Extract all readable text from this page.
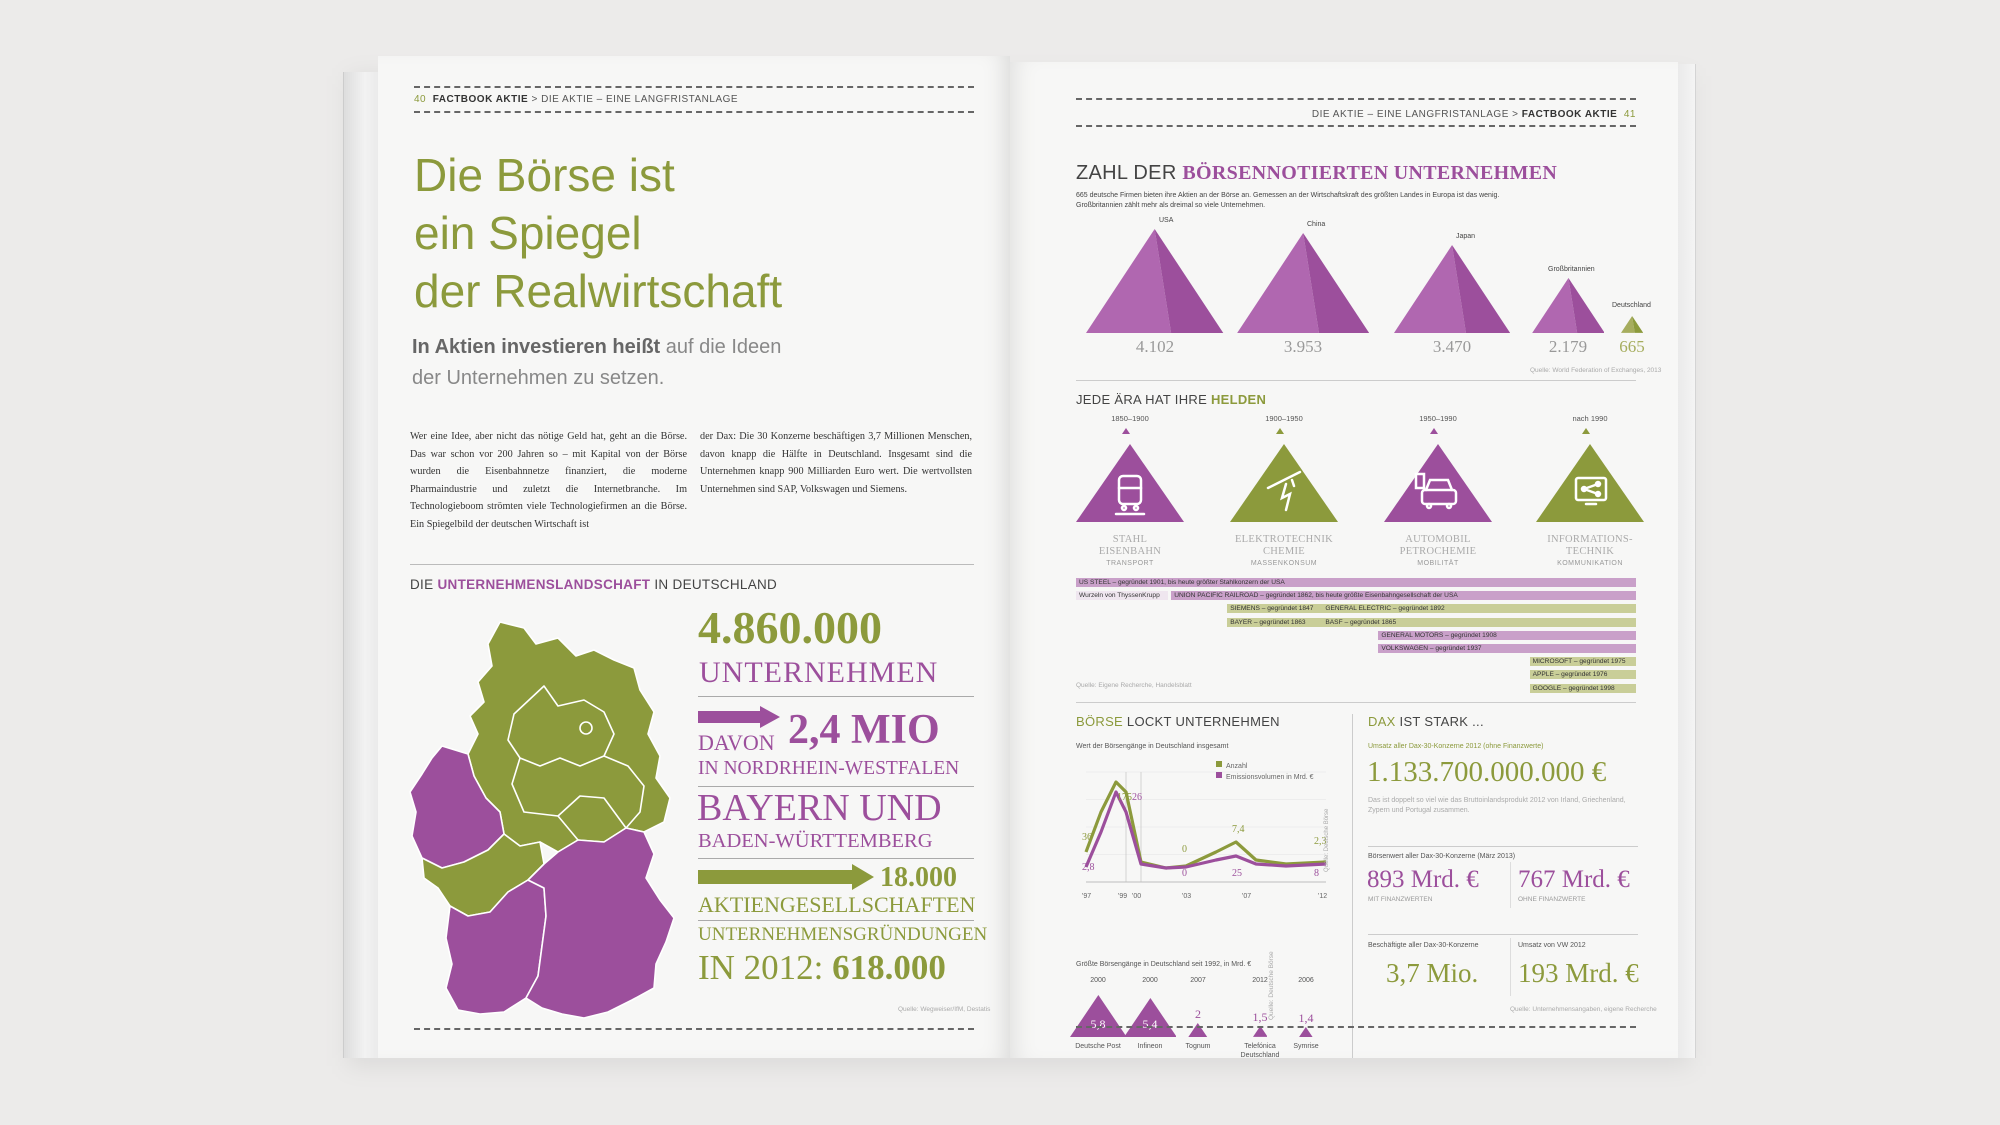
40 FACTBOOK AKTIE > DIE AKTIE – EINE LANGFRISTANLAGE
Die Börse ist
ein Spiegel
der Realwirtschaft
In Aktien investieren heißt auf die Ideen
der Unternehmen zu setzen.
Wer eine Idee, aber nicht das nötige Geld hat, geht an die Börse. Das war schon vor 200 Jahren so – mit Kapital von der Börse wurden die Eisenbahnnetze finanziert, die moderne Pharmaindustrie und zuletzt die Internetbranche. Im Technologieboom strömten viele Technologiefirmen an die Börse. Ein Spiegelbild der deutschen Wirtschaft ist
der Dax: Die 30 Konzerne beschäftigen 3,7 Millionen Menschen, davon knapp die Hälfte in Deutschland. Insgesamt sind die Unternehmen knapp 900 Milliarden Euro wert. Die wertvollsten Unternehmen sind SAP, Volkswagen und Siemens.
DIE UNTERNEHMENSLANDSCHAFT IN DEUTSCHLAND
4.860.000
UNTERNEHMEN
DAVON 2,4 MIO
IN NORDRHEIN-WESTFALEN
BAYERN UND
BADEN-WÜRTTEMBERG
18.000
AKTIENGESELLSCHAFTEN
UNTERNEHMENSGRÜNDUNGEN
IN 2012: 618.000
Quelle: Wegweiser/IfM, Destatis
DIE AKTIE – EINE LANGFRISTANLAGE > FACTBOOK AKTIE 41
ZAHL DER BÖRSENNOTIERTEN UNTERNEHMEN
665 deutsche Firmen bieten ihre Aktien an der Börse an. Gemessen an der Wirtschaftskraft des größten Landes in Europa ist das wenig.
Großbritannien zählt mehr als dreimal so viele Unternehmen.
USA
4.102
China
3.953
Japan
3.470
Großbritannien
2.179
Deutschland
665
Quelle: World Federation of Exchanges, 2013
JEDE ÄRA HAT IHRE HELDEN
1850–1900
STAHL
EISENBAHN
TRANSPORT
1900–1950
ELEKTROTECHNIK
CHEMIE
MASSENKONSUM
1950–1990
AUTOMOBIL
PETROCHEMIE
MOBILITÄT
nach 1990
INFORMATIONS-
TECHNIK
KOMMUNIKATION
US STEEL – gegründet 1901, bis heute größter Stahlkonzern der USA
Wurzeln von ThyssenKrupp	UNION PACIFIC RAILROAD – gegründet 1862, bis heute größte Eisenbahngesellschaft der USA
SIEMENS – gegründet 1847	GENERAL ELECTRIC – gegründet 1892
BAYER – gegründet 1863	BASF – gegründet 1865
GENERAL MOTORS – gegründet 1908
VOLKSWAGEN – gegründet 1937
MICROSOFT – gegründet 1975
APPLE – gegründet 1976
GOOGLE – gegründet 1998
Quelle: Eigene Recherche, Handelsblatt
BÖRSE LOCKT UNTERNEHMEN
Wert der Börsengänge in Deutschland insgesamt
36
2,8
175 26
0
0
7,4
25
2,3
8
'97	'99 '00	'03	'07	'12
Anzahl
Emissionsvolumen in Mrd. €
Quelle: Deutsche Börse
Größte Börsengänge in Deutschland seit 1992, in Mrd. €
2000
5,8
Deutsche Post
2000
5,4
Infineon
2007
2
Tognum
2012
1,5
Telefónica Deutschland
2006
1,4
Symrise
Quelle: Deutsche Börse
DAX IST STARK ...
Umsatz aller Dax-30-Konzerne 2012 (ohne Finanzwerte)
1.133.700.000.000 €
Das ist doppelt so viel wie das Bruttoinlandsprodukt 2012 von Irland, Griechenland, Zypern und Portugal zusammen.
Börsenwert aller Dax-30-Konzerne (März 2013)
893 Mrd. €
MIT FINANZWERTEN
767 Mrd. €
OHNE FINANZWERTE
Beschäftigte aller Dax-30-Konzerne
3,7 Mio.
Umsatz von VW 2012
193 Mrd. €
Quelle: Unternehmensangaben, eigene Recherche
